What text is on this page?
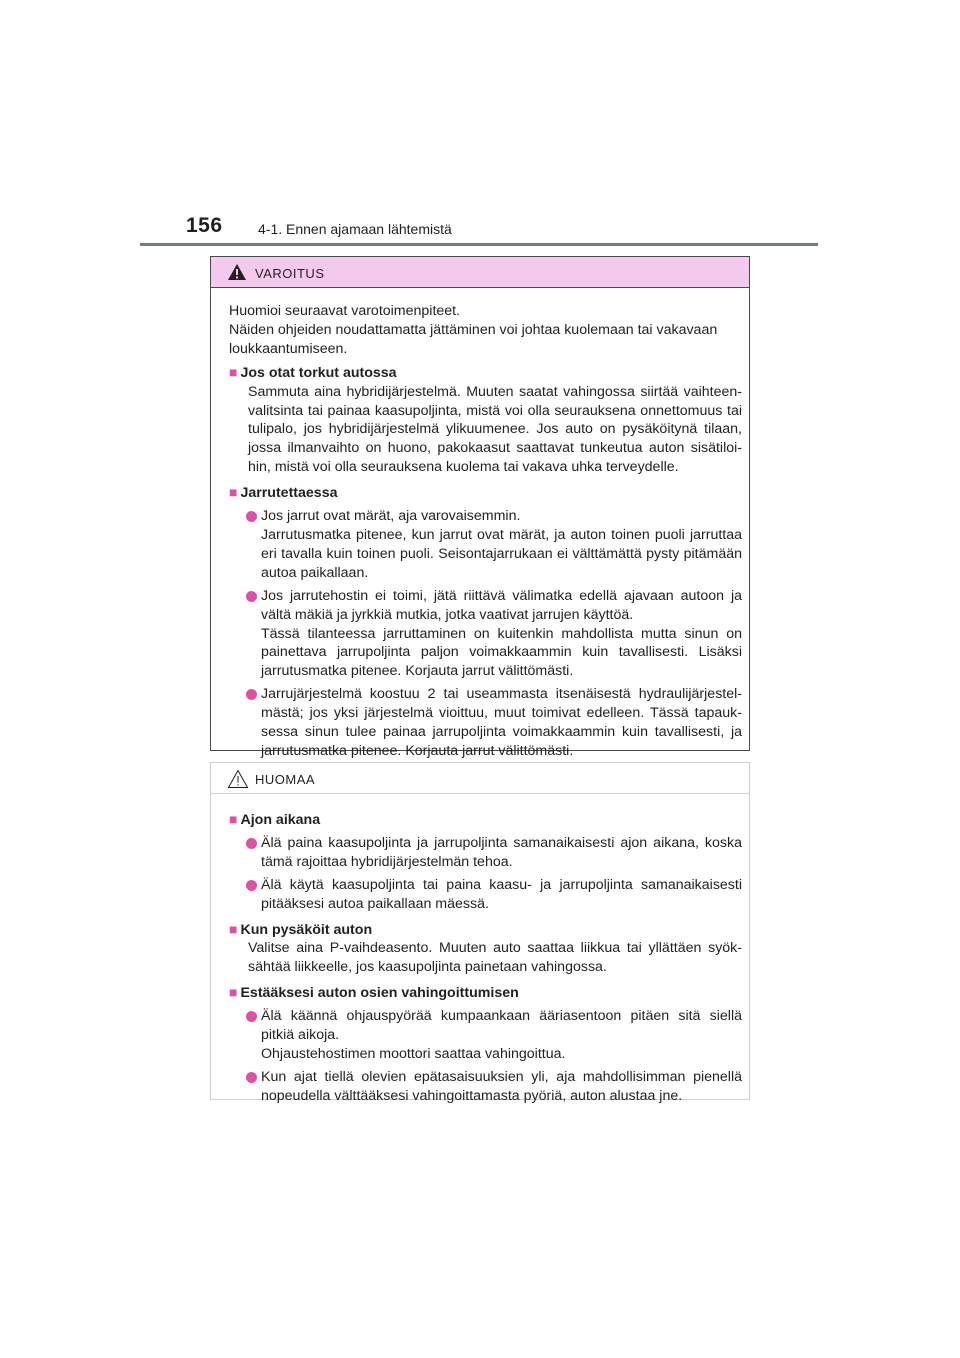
156	4-1. Ennen ajamaan lähtemistä
VAROITUS

Huomioi seuraavat varotoimenpiteet.

Näiden ohjeiden noudattamatta jättäminen voi johtaa kuolemaan tai vakavaan loukkaantumiseen.

■ Jos otat torkut autossa

Sammuta aina hybridijärjestelmä. Muuten saatat vahingossa siirtää vaihteen-valitsinta tai painaa kaasupoljinta, mistä voi olla seurauksena onnettomuus tai tulipalo, jos hybridijärjestelmä ylikuumenee. Jos auto on pysäköitynä tilaan, jossa ilmanvaihto on huono, pakokaasut saattavat tunkeutua auton sisätiloi-hin, mistä voi olla seurauksena kuolema tai vakava uhka terveydelle.

■ Jarrutettaessa

Jos jarrut ovat märät, aja varovaisemmin.
Jarrutusmatka pitenee, kun jarrut ovat märät, ja auton toinen puoli jarruttaa eri tavalla kuin toinen puoli. Seisontajarrukaan ei välttämättä pysty pitämään autoa paikallaan.
Jos jarrutehostin ei toimi, jätä riittävä välimatka edellä ajavaan autoon ja vältä mäkiä ja jyrkkiä mutkia, jotka vaativat jarrujen käyttöä.
Tässä tilanteessa jarruttaminen on kuitenkin mahdollista mutta sinun on painettava jarrupoljinta paljon voimakkaammin kuin tavallisesti. Lisäksi jarrutusmatka pitenee. Korjauta jarrut välittömästi.
Jarrujärjestelmä koostuu 2 tai useammasta itsenäisestä hydraulijärjestel-mästä; jos yksi järjestelmä vioittuu, muut toimivat edelleen. Tässä tapauk-sessa sinun tulee painaa jarrupoljinta voimakkaammin kuin tavallisesti, ja jarrutusmatka pitenee. Korjauta jarrut välittömästi.
HUOMAA

■ Ajon aikana

Älä paina kaasupoljinta ja jarrupoljinta samanaikaisesti ajon aikana, koska tämä rajoittaa hybridijärjestelmän tehoa.
Älä käytä kaasupoljinta tai paina kaasu- ja jarrupoljinta samanaikaisesti pitääksesi autoa paikallaan mäessä.

■ Kun pysäköit auton

Valitse aina P-vaihdeasento. Muuten auto saattaa liikkua tai yllättäen syök-sähtää liikkeelle, jos kaasupoljinta painetaan vahingossa.

■ Estääksesi auton osien vahingoittumisen

Älä käännä ohjauspyörää kumpaankaan ääriasentoon pitäen sitä siellä pitkiä aikoja.
Ohjaustehostimen moottori saattaa vahingoittua.
Kun ajat tiellä olevien epätasaisuuksien yli, aja mahdollisimman pienellä nopeudella välttääksesi vahingoittamasta pyöriä, auton alustaa jne.
